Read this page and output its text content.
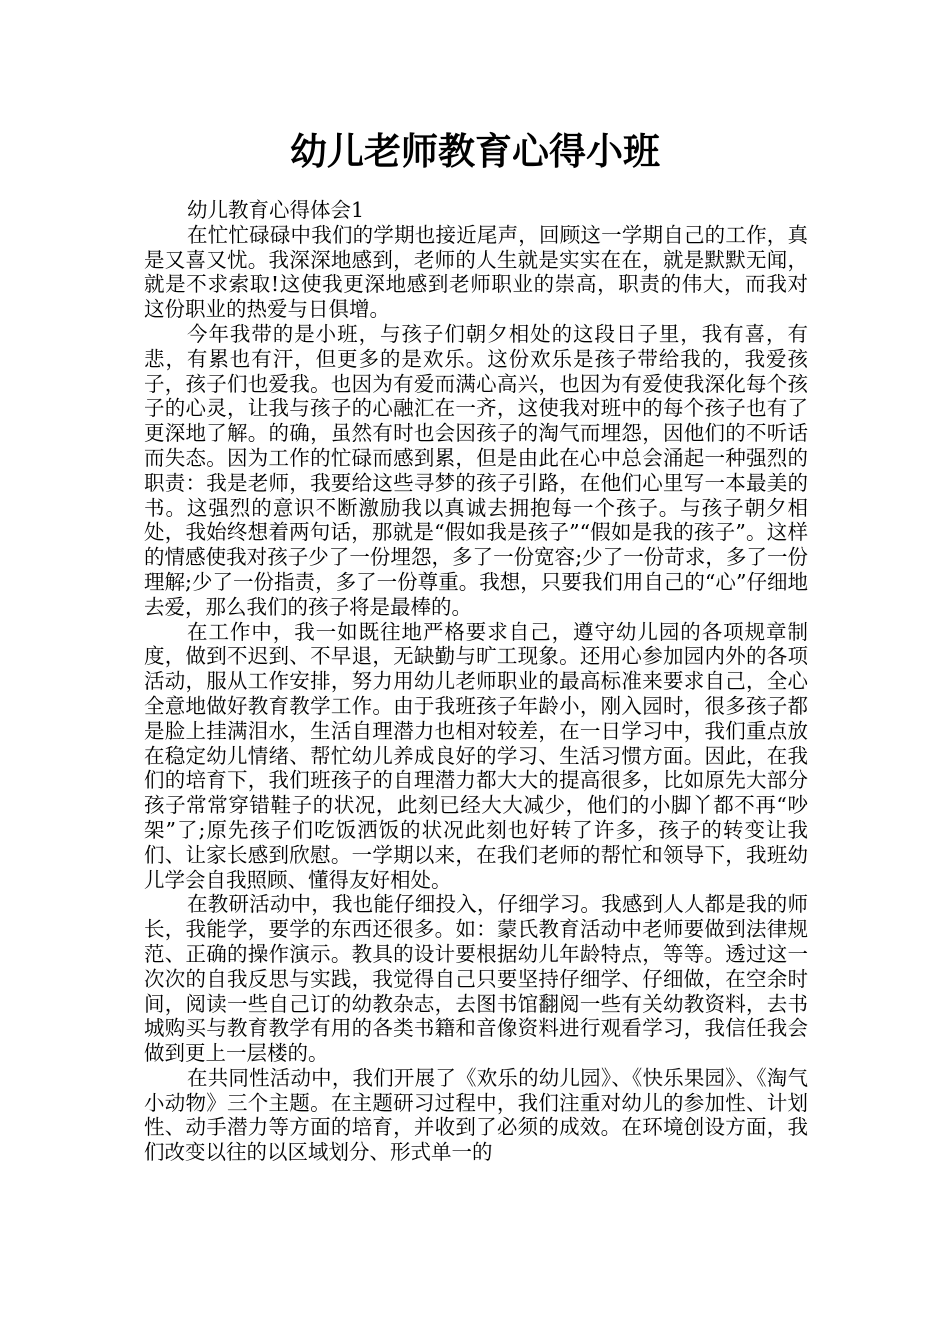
幼儿老师教育心得小班

幼儿教育心得体会1

在忙忙碌碌中我们的学期也接近尾声，回顾这一学期自己的工作，真是又喜又忧。我深深地感到，老师的人生就是实实在在，就是默默无闻，就是不求索取!这使我更深地感到老师职业的崇高，职责的伟大，而我对这份职业的热爱与日俱增。

今年我带的是小班，与孩子们朝夕相处的这段日子里，我有喜，有悲，有累也有汗，但更多的是欢乐。这份欢乐是孩子带给我的，我爱孩子，孩子们也爱我。也因为有爱而满心高兴，也因为有爱使我深化每个孩子的心灵，让我与孩子的心融汇在一齐，这使我对班中的每个孩子也有了更深地了解。的确，虽然有时也会因孩子的淘气而埋怨，因他们的不听话而失态。因为工作的忙碌而感到累，但是由此在心中总会涌起一种强烈的职责：我是老师，我要给这些寻梦的孩子引路，在他们心里写一本最美的书。这强烈的意识不断激励我以真诚去拥抱每一个孩子。与孩子朝夕相处，我始终想着两句话，那就是“假如我是孩子”“假如是我的孩子”。这样的情感使我对孩子少了一份埋怨，多了一份宽容;少了一份苛求，多了一份理解;少了一份指责，多了一份尊重。我想，只要我们用自己的“心”仔细地去爱，那么我们的孩子将是最棒的。

在工作中，我一如既往地严格要求自己，遵守幼儿园的各项规章制度，做到不迟到、不早退，无缺勤与旷工现象。还用心参加园内外的各项活动，服从工作安排，努力用幼儿老师职业的最高标准来要求自己，全心全意地做好教育教学工作。由于我班孩子年龄小，刚入园时，很多孩子都是脸上挂满泪水，生活自理潜力也相对较差，在一日学习中，我们重点放在稳定幼儿情绪、帮忙幼儿养成良好的学习、生活习惯方面。因此，在我们的培育下，我们班孩子的自理潜力都大大的提高很多，比如原先大部分孩子常常穿错鞋子的状况，此刻已经大大减少，他们的小脚丫都不再“吵架”了;原先孩子们吃饭洒饭的状况此刻也好转了许多，孩子的转变让我们、让家长感到欣慰。一学期以来，在我们老师的帮忙和领导下，我班幼儿学会自我照顾、懂得友好相处。

在教研活动中，我也能仔细投入，仔细学习。我感到人人都是我的师长，我能学，要学的东西还很多。如：蒙氏教育活动中老师要做到法律规范、正确的操作演示。教具的设计要根据幼儿年龄特点，等等。透过这一次次的自我反思与实践，我觉得自己只要坚持仔细学、仔细做，在空余时间，阅读一些自己订的幼教杂志，去图书馆翻阅一些有关幼教资料，去书城购买与教育教学有用的各类书籍和音像资料进行观看学习，我信任我会做到更上一层楼的。

在共同性活动中，我们开展了《欢乐的幼儿园》、《快乐果园》、《淘气小动物》三个主题。在主题研习过程中，我们注重对幼儿的参加性、计划性、动手潜力等方面的培育，并收到了必须的成效。在环境创设方面，我们改变以往的以区域划分、形式单一的
